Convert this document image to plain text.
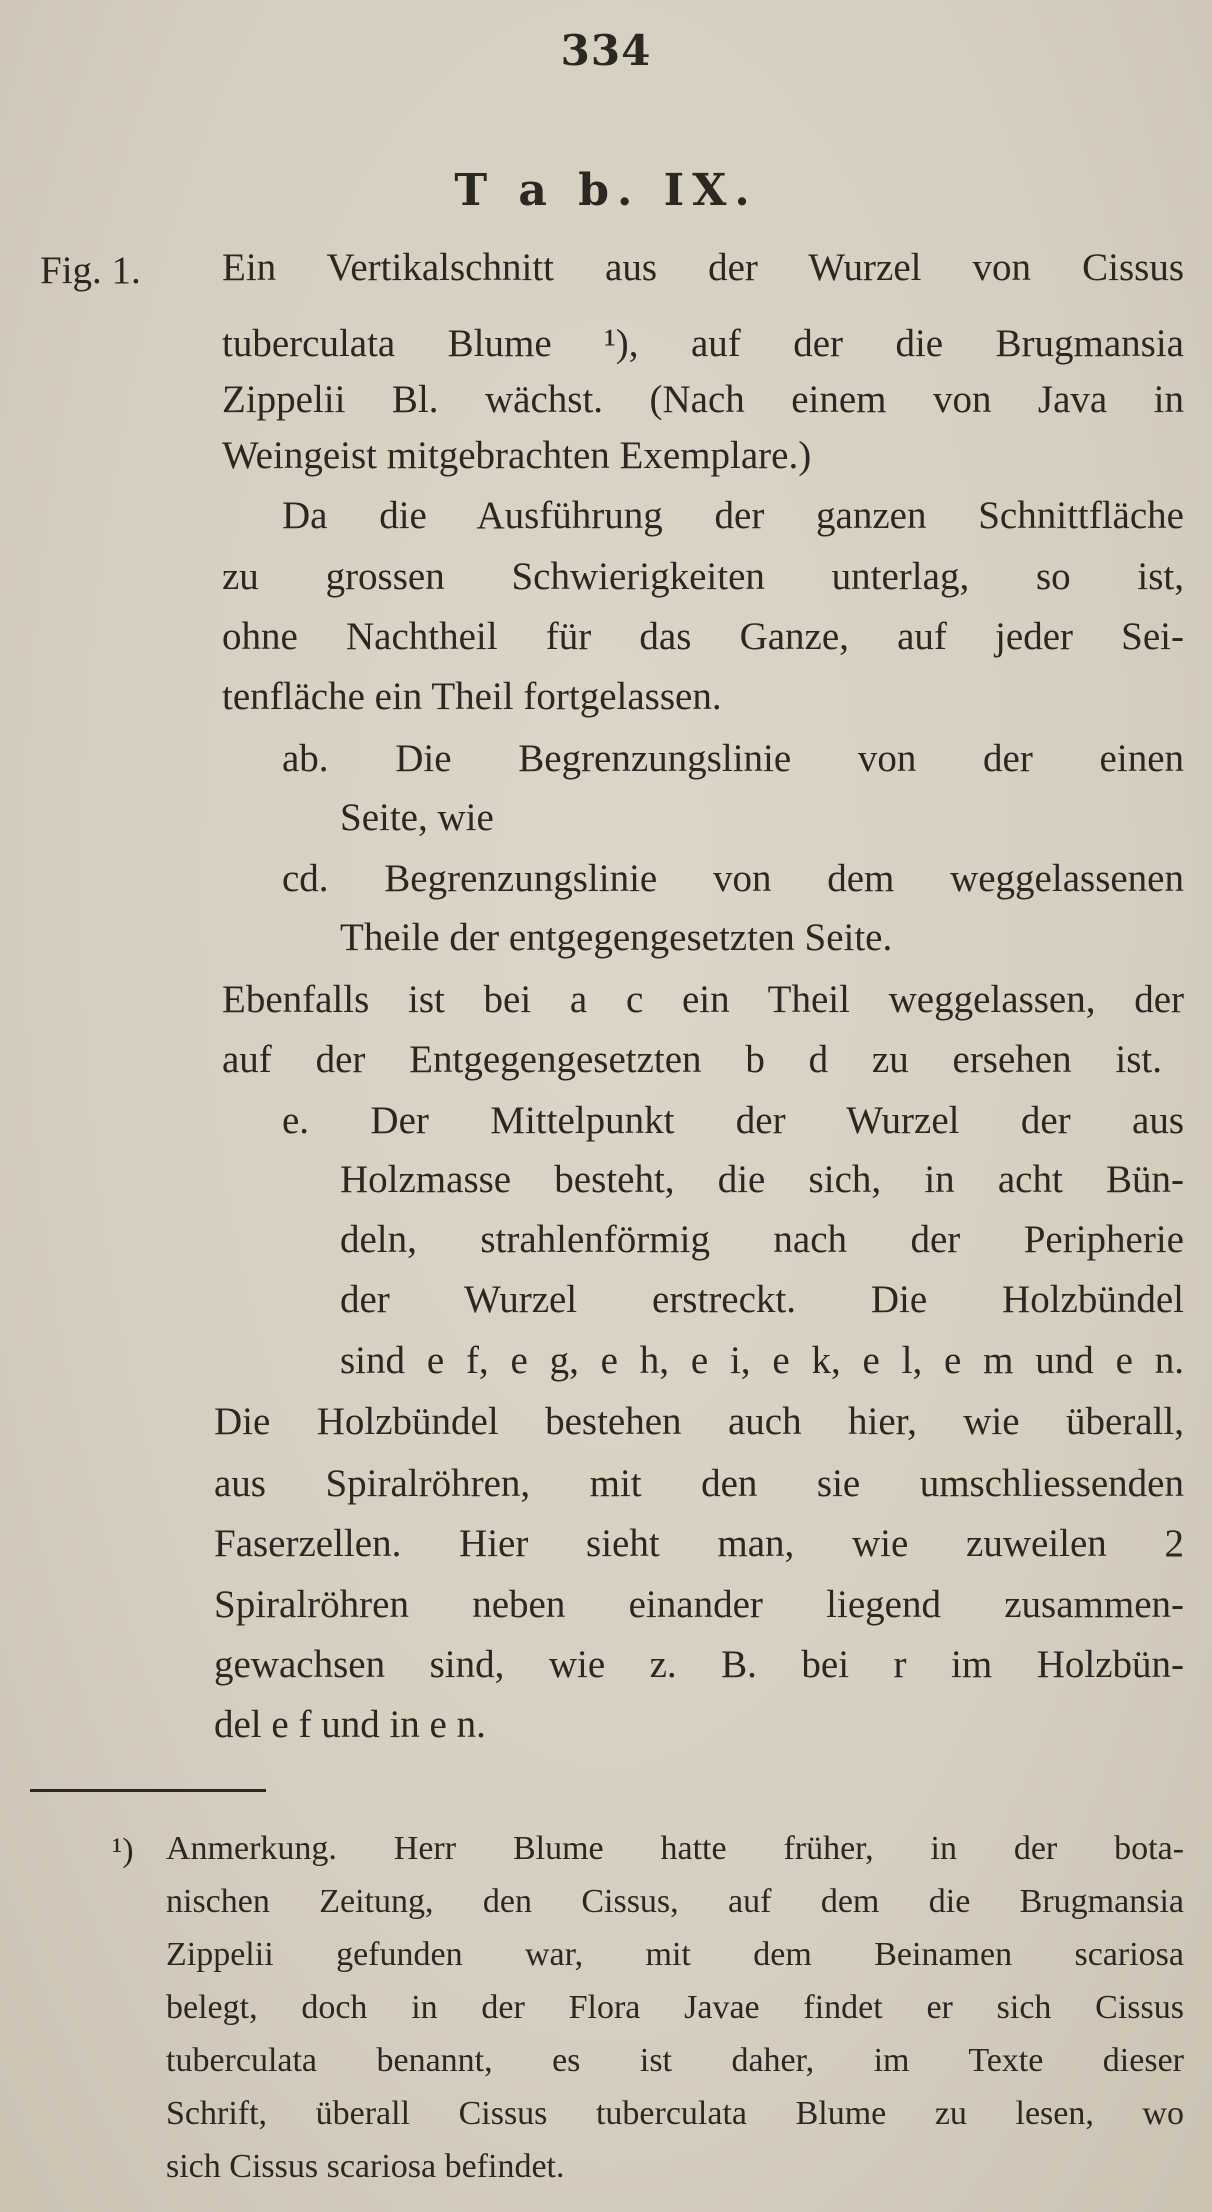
334
T a b. IX.
Fig. 1. Ein Vertikalschnitt aus der Wurzel von Cissus
tuberculata Blume ¹), auf der die Brugmansia
Zippelii Bl. wächst. (Nach einem von Java in
Weingeist mitgebrachten Exemplare.)
Da die Ausführung der ganzen Schnittfläche
zu grossen Schwierigkeiten unterlag, so ist,
ohne Nachtheil für das Ganze, auf jeder Sei-
tenfläche ein Theil fortgelassen.
ab. Die Begrenzungslinie von der einen
Seite, wie
cd. Begrenzungslinie von dem weggelassenen
Theile der entgegengesetzten Seite.
Ebenfalls ist bei a c ein Theil weggelassen, der
auf der Entgegengesetzten b d zu ersehen ist.
e. Der Mittelpunkt der Wurzel der aus
Holzmasse besteht, die sich, in acht Bün-
deln, strahlenförmig nach der Peripherie
der Wurzel erstreckt. Die Holzbündel
sind e f, e g, e h, e i, e k, e l, e m und e n.
Die Holzbündel bestehen auch hier, wie überall,
aus Spiralröhren, mit den sie umschliessenden
Faserzellen. Hier sieht man, wie zuweilen 2
Spiralröhren neben einander liegend zusammen-
gewachsen sind, wie z. B. bei r im Holzbün-
del e f und in e n.
¹) Anmerkung. Herr Blume hatte früher, in der bota-
nischen Zeitung, den Cissus, auf dem die Brugmansia
Zippelii gefunden war, mit dem Beinamen scariosa
belegt, doch in der Flora Javae findet er sich Cissus
tuberculata benannt, es ist daher, im Texte dieser
Schrift, überall Cissus tuberculata Blume zu lesen, wo
sich Cissus scariosa befindet.
